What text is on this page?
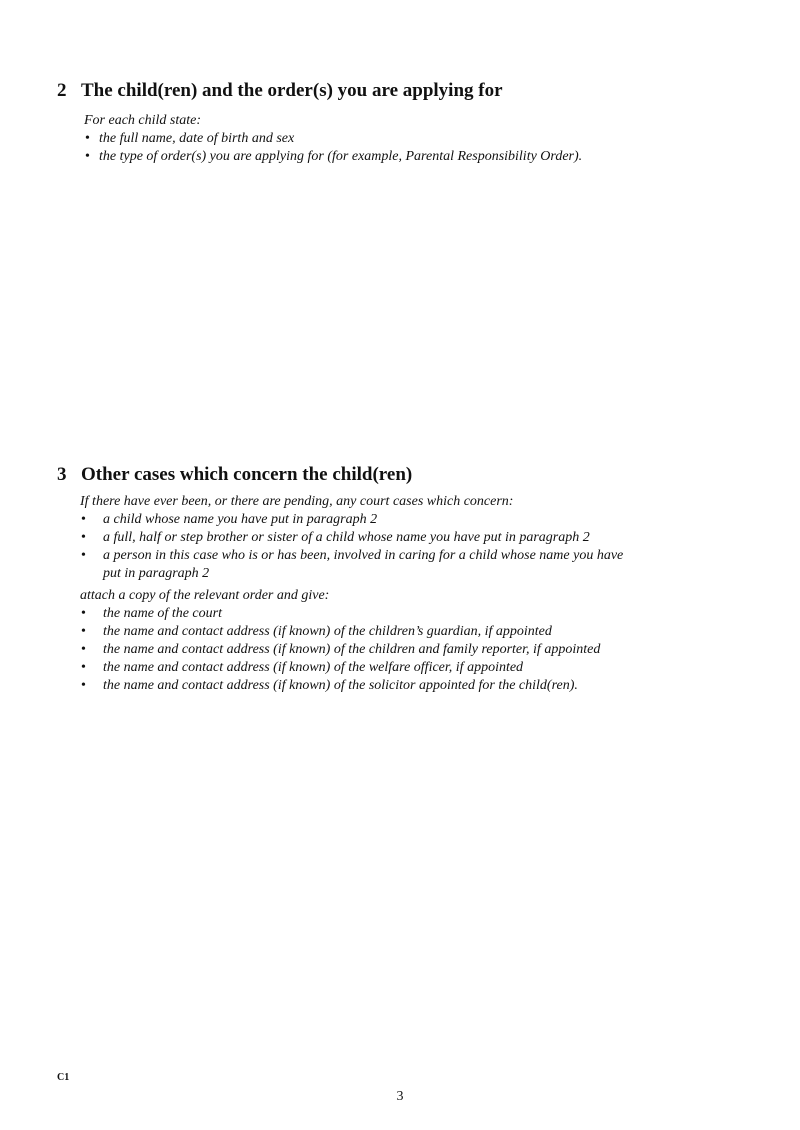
2 The child(ren) and the order(s) you are applying for

For each child state:

• the full name, date of birth and sex
• the type of order(s) you are applying for (for example, Parental Responsibility Order).
3 Other cases which concern the child(ren)

If there have ever been, or there are pending, any court cases which concern:

• a child whose name you have put in paragraph 2
• a full, half or step brother or sister of a child whose name you have put in paragraph 2
• a person in this case who is or has been, involved in caring for a child whose name you have put in paragraph 2

attach a copy of the relevant order and give:

• the name of the court
• the name and contact address (if known) of the children’s guardian, if appointed
• the name and contact address (if known) of the children and family reporter, if appointed
• the name and contact address (if known) of the welfare officer, if appointed
• the name and contact address (if known) of the solicitor appointed for the child(ren).
C1
3
